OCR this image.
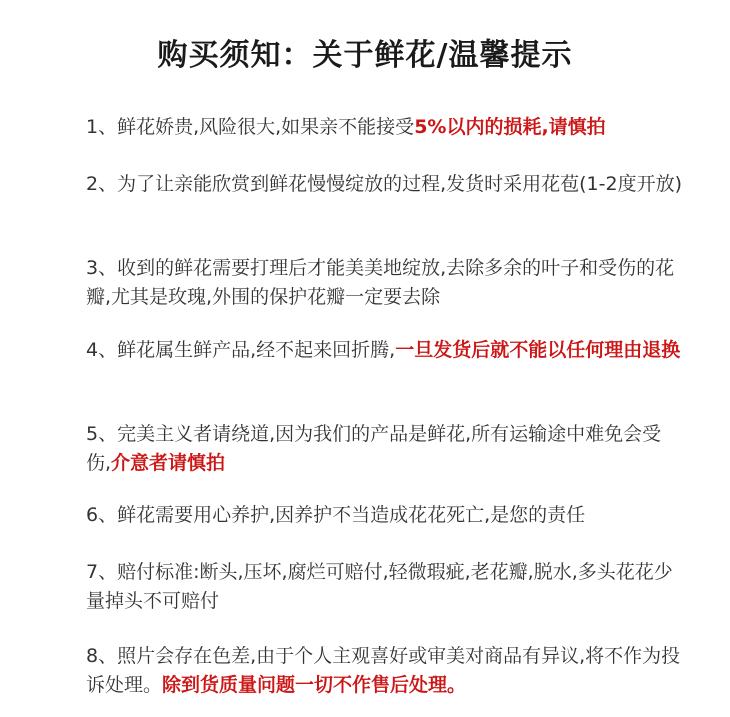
购买须知：关于鲜花/温馨提示

1、鲜花娇贵,风险很大,如果亲不能接受5%以内的损耗,请慎拍

2、为了让亲能欣赏到鲜花慢慢绽放的过程,发货时采用花苞(1-2度开放)

3、收到的鲜花需要打理后才能美美地绽放,去除多余的叶子和受伤的花瓣,尤其是玫瑰,外围的保护花瓣一定要去除

4、鲜花属生鲜产品,经不起来回折腾,一旦发货后就不能以任何理由退换

5、完美主义者请绕道,因为我们的产品是鲜花,所有运输途中难免会受伤,介意者请慎拍

6、鲜花需要用心养护,因养护不当造成花花死亡,是您的责任

7、赔付标准:断头,压坏,腐烂可赔付,轻微瑕疵,老花瓣,脱水,多头花花少量掉头不可赔付

8、照片会存在色差,由于个人主观喜好或审美对商品有异议,将不作为投诉处理。除到货质量问题一切不作售后处理。
